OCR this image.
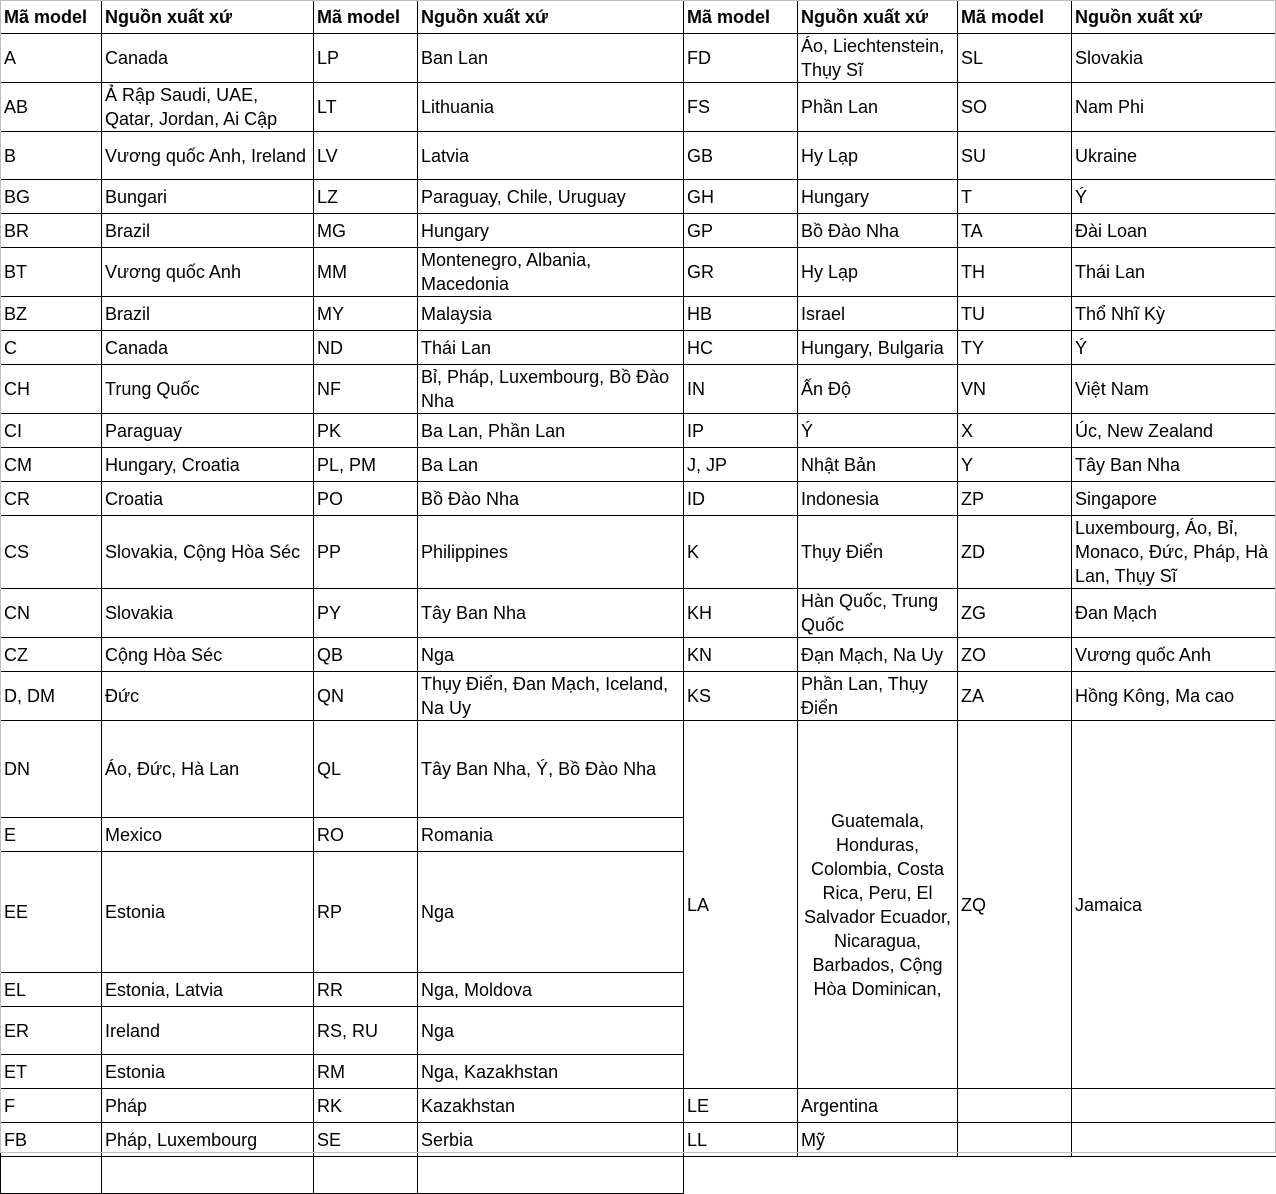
Mã model	Nguồn xuất xứ	Mã model	Nguồn xuất xứ	Mã model	Nguồn xuất xứ	Mã model	Nguồn xuất xứ
A	Canada	LP	Ban Lan	FD	Áo, Liechtenstein, Thụy Sĩ	SL	Slovakia
AB	Ả Rập Saudi, UAE, Qatar, Jordan, Ai Cập	LT	Lithuania	FS	Phần Lan	SO	Nam Phi
B	Vương quốc Anh, Ireland	LV	Latvia	GB	Hy Lạp	SU	Ukraine
BG	Bungari	LZ	Paraguay, Chile, Uruguay	GH	Hungary	T	Ý
BR	Brazil	MG	Hungary	GP	Bồ Đào Nha	TA	Đài Loan
BT	Vương quốc Anh	MM	Montenegro, Albania, Macedonia	GR	Hy Lạp	TH	Thái Lan
BZ	Brazil	MY	Malaysia	HB	Israel	TU	Thổ Nhĩ Kỳ
C	Canada	ND	Thái Lan	HC	Hungary, Bulgaria	TY	Ý
CH	Trung Quốc	NF	Bỉ, Pháp, Luxembourg, Bồ Đào Nha	IN	Ấn Độ	VN	Việt Nam
CI	Paraguay	PK	Ba Lan, Phần Lan	IP	Ý	X	Úc, New Zealand
CM	Hungary, Croatia	PL, PM	Ba Lan	J, JP	Nhật Bản	Y	Tây Ban Nha
CR	Croatia	PO	Bồ Đào Nha	ID	Indonesia	ZP	Singapore
CS	Slovakia, Cộng Hòa Séc	PP	Philippines	K	Thụy Điển	ZD	Luxembourg, Áo, Bỉ, Monaco, Đức, Pháp, Hà Lan, Thụy Sĩ
CN	Slovakia	PY	Tây Ban Nha	KH	Hàn Quốc, Trung Quốc	ZG	Đan Mạch
CZ	Cộng Hòa Séc	QB	Nga	KN	Đạn Mạch, Na Uy	ZO	Vương quốc Anh
D, DM	Đức	QN	Thụy Điển, Đan Mạch, Iceland, Na Uy	KS	Phần Lan, Thụy Điển	ZA	Hồng Kông, Ma cao
DN	Áo, Đức, Hà Lan	QL	Tây Ban Nha, Ý, Bồ Đào Nha	LA	Guatemala, Honduras, Colombia, Costa Rica, Peru, El Salvador Ecuador, Nicaragua, Barbados, Cộng Hòa Dominican,	ZQ	Jamaica
E	Mexico	RO	Romania				
EE	Estonia	RP	Nga				
EL	Estonia, Latvia	RR	Nga, Moldova				
ER	Ireland	RS, RU	Nga				
ET	Estonia	RM	Nga, Kazakhstan				
F	Pháp	RK	Kazakhstan	LE	Argentina		
FB	Pháp, Luxembourg	SE	Serbia	LL	Mỹ		
